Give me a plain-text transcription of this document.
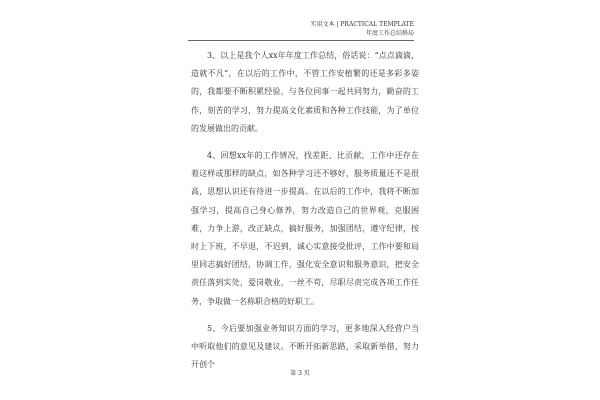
实用文本 | PRACTICAL TEMPLATE
年度工作总结格局

3、以上是我个人xx年年度工作总结，俗话说：“点点滴滴，造就不凡”，在以后的工作中，不管工作安植繁的还是多彩多姿的，我都要不断积累经验，与各位同事一起共同努力，勤奋的工作，刻苦的学习，努力提高文化素质和各种工作技能，为了单位的发展做出的贡献。

4、回想xx年的工作情况，找差距、比贡献，工作中还存在着这样或那样的缺点，如各种学习还不够好，服务质量还不是很高，思想认识还有待进一步提高。在以后的工作中，我将不断加强学习，提高自己身心修养，努力改造自己的世界观，克服困难，力争上游，改正缺点，搞好服务，加强团结，遵守纪律，按时上下班，不早退，不迟到，诚心实意接受批评，工作中要和局里同志搞好团结，协调工作，强化安全意识和服务意识，把安全责任落到实处，爱岗敬业，一丝不苟，尽职尽责完成各项工作任务，争取做一名称职合格的好职工。

5、今后要加强业务知识方面的学习，更多地深入经营户当中听取他们的意见及建议。不断开拓新思路，采取新举措，努力开创个

第 3 页
